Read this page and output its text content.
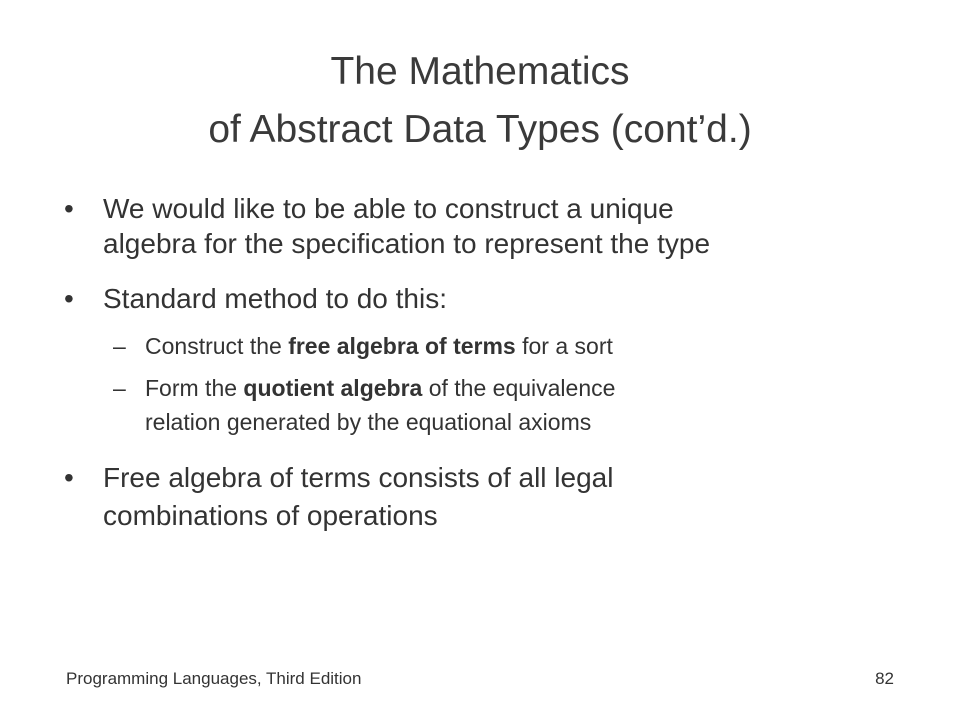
The Mathematics
of Abstract Data Types (cont’d.)
• We would like to be able to construct a unique
algebra for the specification to represent the type
• Standard method to do this:
– Construct the free algebra of terms for a sort
– Form the quotient algebra of the equivalence
relation generated by the equational axioms
• Free algebra of terms consists of all legal
combinations of operations
Programming Languages, Third Edition	82
